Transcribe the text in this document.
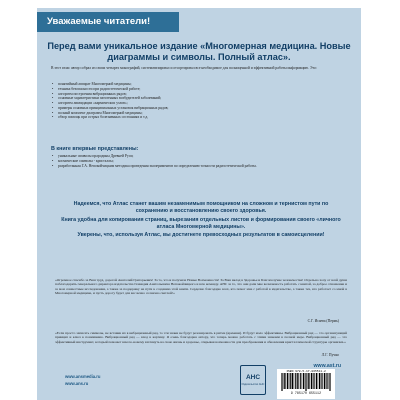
Уважаемые читатели!
Перед вами уникальное издание «Многомерная медицина. Новые диаграммы и символы. Полный атлас».
В этот атлас автор собрал из своих четырех монографий, систематизировал и отсортировал все необходимое для полноценной и эффективной работы информацию. Это:
• понятийный аппарат Многомерной медицины;
• техника безопасности при радиэстетической работе;
• алгоритм построения вибрационных рядов;
• основные характеристики патогенных возбудителей заболеваний;
• алгоритм ликвидации «кармических узлов»;
• примеры основных принципиальных установок вибрационных рядов;
• полный комплект диаграмм Многомерной медицины;
• обзор помощь при острых болезненных состояниях и т.д.
В книге впервые представлены:
• уникальные символы прародины Древней Руси;
• космические символы - кристаллы;
• разработанная Г.А. Непокойчицким методика проведения экспериментов по определению точности радиэстетической работы.

Надеемся, что Атлас станет вашим незаменимым помощником на сложном и тернистом пути по сохранению и восстановлению своего здоровья.

Книга удобна для копирования страниц, вырезания отдельных листов и формирования своего «личного атласа Многомерной медицины».

Уверены, что, используя Атлас, вы достигнете превосходных результатов в самоисцелении!

«Огромное спасибо за Ваш труд, дорогой Анатолий Григорьевич! За то, что и получила Новые Возможности! За Ваш вклад в Здоровье и Благополучие человечества! Отдельно хочу от всей души поблагодарить генерального директора издательства Геннадия Анатольевича Непокойчицкого и всю команду. АНС за то, что они дали мне возможность работать с книгой, за доброе отношение и за мои совместные исследования, а также за поддержку на пути к созданию этой книги. Сердечно благодарю всех, кто помог мне с работой в издательстве, а также тех, кто работает со мной в Многомерной медицине, и пусть дорогу будет для вас вечно солнечно светлой!»
С.Г. Исаева (Пермь)
«Если просто записать символы, не вставив их в вибрационный ряд, то эти знаки не будут резонировать в ритме (времени). И будут мало эффективны. Вибрационный ряд — это организующий принцип и ключ к пониманию. Вибрационный ряд — вход в картину. Я очень благодарна автору, что теперь можно работать с этими знаками в полной мере. Вибрационный ряд — это эффективный инструмент, который поможет вам по-новому взглянуть на свою жизнь и здоровье, открывая возможности для преображения и обновления кристаллической структуры организма.»
Л.Г. Пучко
www.ast.ru
www.ansmedia.ru
www.ans.ru
АНС
Издательство АНС
ISBN 978-5-17-065511-2
9 785170 655112
